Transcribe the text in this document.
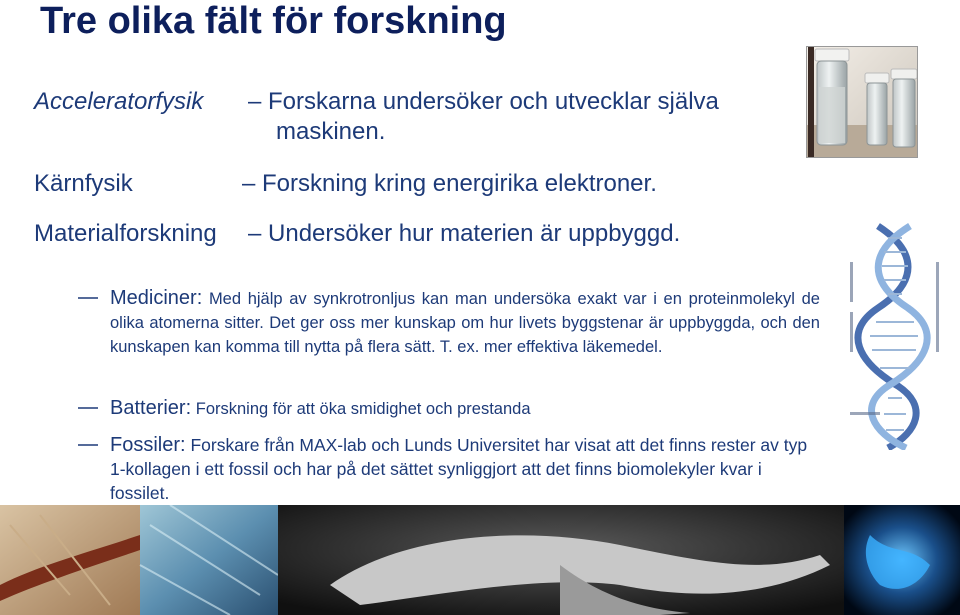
Tre olika fält för forskning
Acceleratorfysik – Forskarna undersöker och utvecklar själva
maskinen.
Kärnfysik	– Forskning kring energirika elektroner.
Materialforskning – Undersöker hur materien är uppbyggd.
Mediciner: Med hjälp av synkrotronljus kan man undersöka exakt var i en proteinmolekyl de olika atomerna sitter. Det ger oss mer kunskap om hur livets byggstenar är uppbyggda, och den kunskapen kan komma till nytta på flera sätt. T. ex. mer effektiva läkemedel.
Batterier: Forskning för att öka smidighet och prestanda
Fossiler: Forskare från MAX-lab och Lunds Universitet har visat att det finns rester av typ 1-kollagen i ett fossil och har på det sättet synliggjort att det finns biomolekyler kvar i fossilet.
